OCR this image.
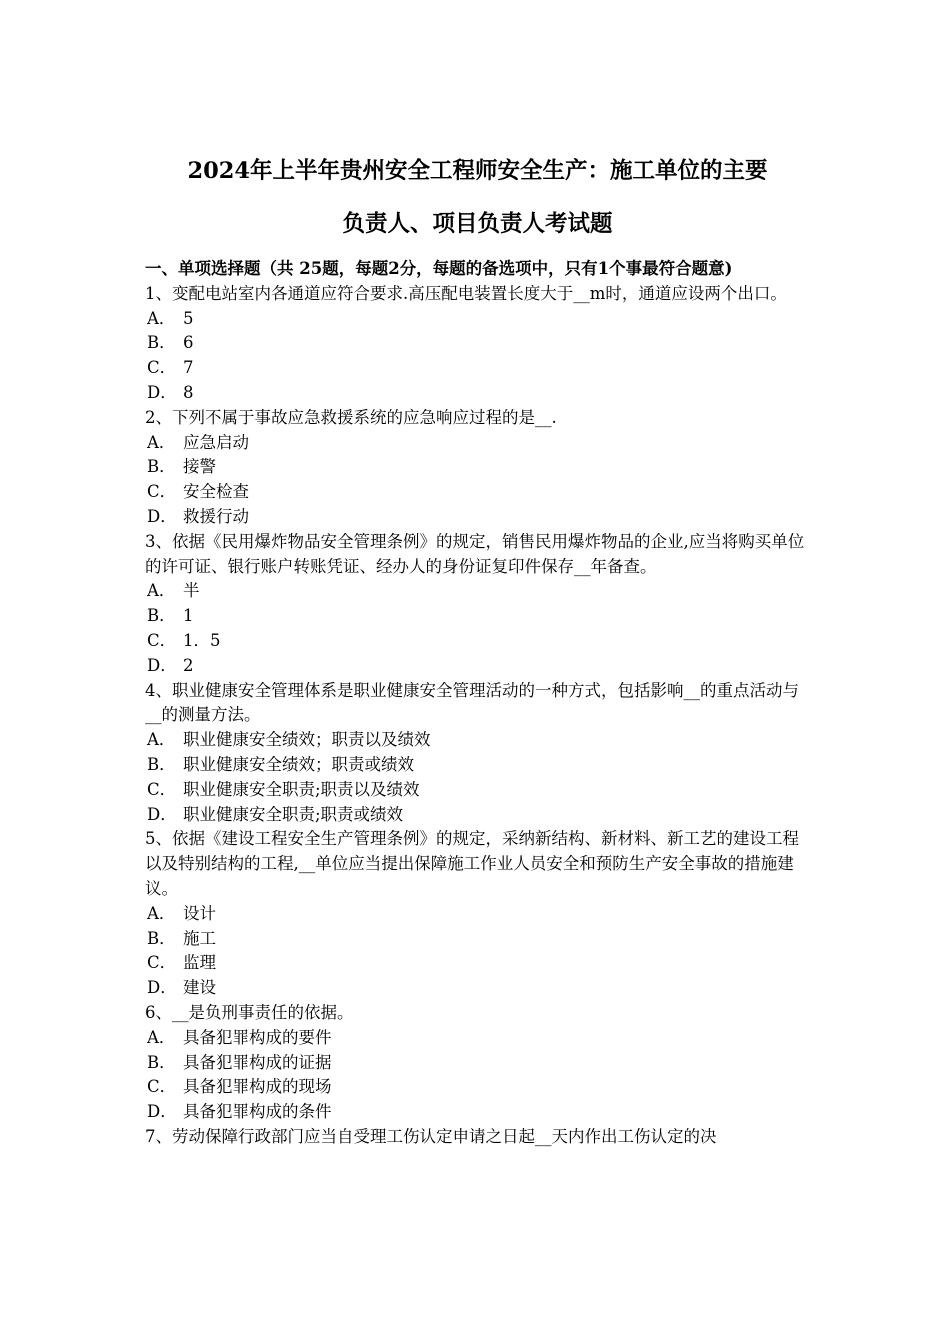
2024年上半年贵州安全工程师安全生产：施工单位的主要

负责人、项目负责人考试题

一、单项选择题（共 25题，每题2分，每题的备选项中，只有1个事最符合题意)

1、变配电站室内各通道应符合要求.高压配电装置长度大于__m时，通道应设两个出口。

A． 5

B． 6

C． 7

D． 8

2、下列不属于事故应急救援系统的应急响应过程的是__.

A． 应急启动

B． 接警

C． 安全检查

D． 救援行动

3、依据《民用爆炸物品安全管理条例》的规定，销售民用爆炸物品的企业,应当将购买单位的许可证、银行账户转账凭证、经办人的身份证复印件保存__年备查。

A． 半

B． 1

C． 1．5

D． 2

4、职业健康安全管理体系是职业健康安全管理活动的一种方式，包括影响__的重点活动与__的测量方法。

A． 职业健康安全绩效；职责以及绩效

B． 职业健康安全绩效；职责或绩效

C． 职业健康安全职责;职责以及绩效

D． 职业健康安全职责;职责或绩效

5、依据《建设工程安全生产管理条例》的规定，采纳新结构、新材料、新工艺的建设工程以及特别结构的工程,__单位应当提出保障施工作业人员安全和预防生产安全事故的措施建议。

A． 设计

B． 施工

C． 监理

D． 建设

6、__是负刑事责任的依据。

A． 具备犯罪构成的要件

B． 具备犯罪构成的证据

C． 具备犯罪构成的现场

D． 具备犯罪构成的条件

7、劳动保障行政部门应当自受理工伤认定申请之日起__天内作出工伤认定的决
